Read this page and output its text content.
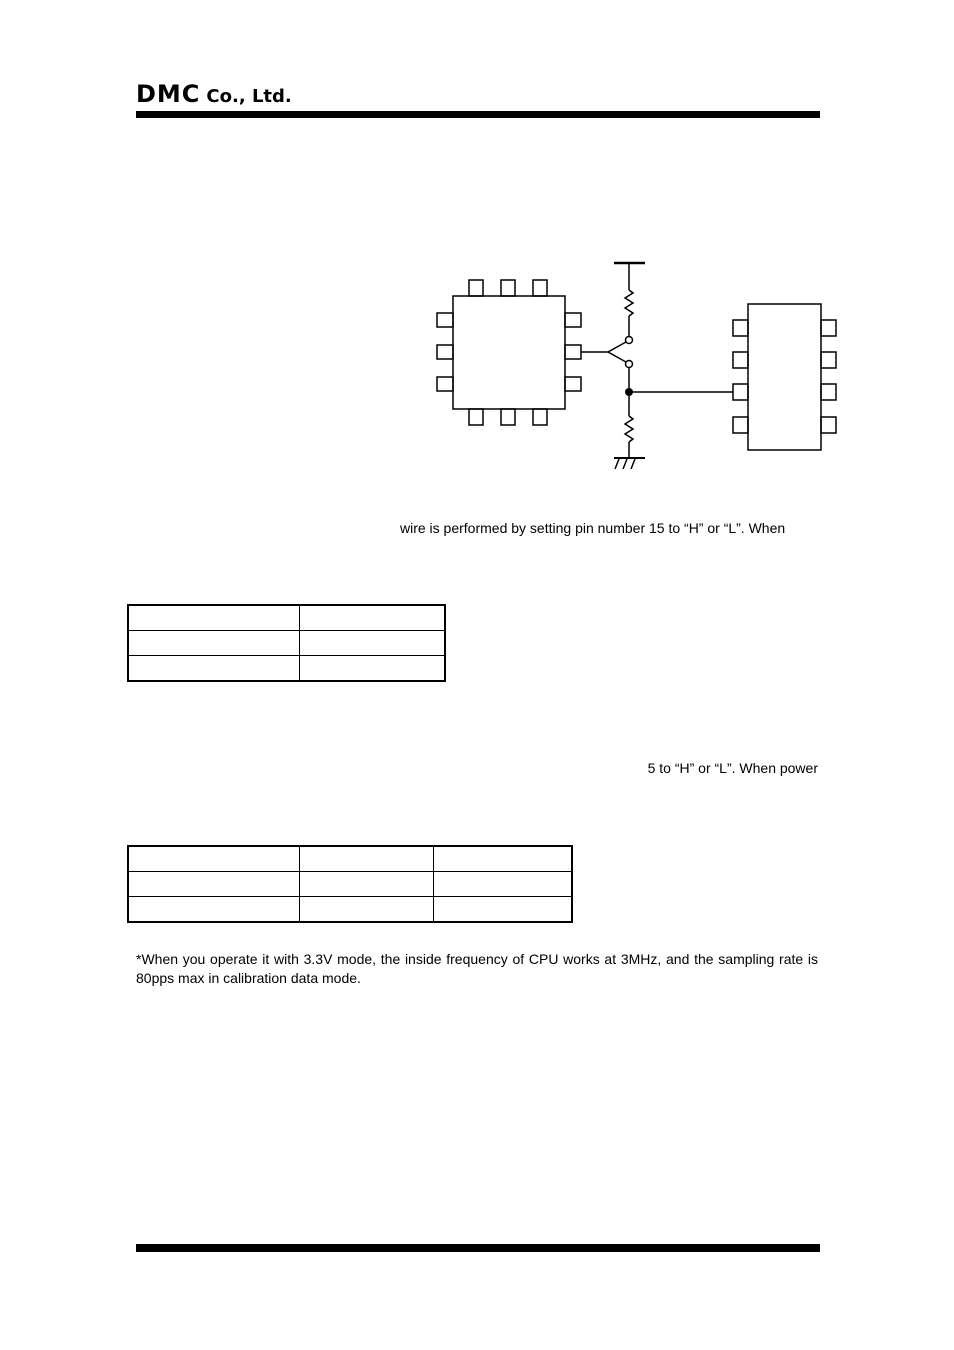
DMC Co., Ltd.
wire is performed by setting pin number 15 to “H” or “L”. When

5 to “H” or “L”. When power

*When you operate it with 3.3V mode, the inside frequency of CPU works at 3MHz, and the sampling rate is 80pps max in calibration data mode.
